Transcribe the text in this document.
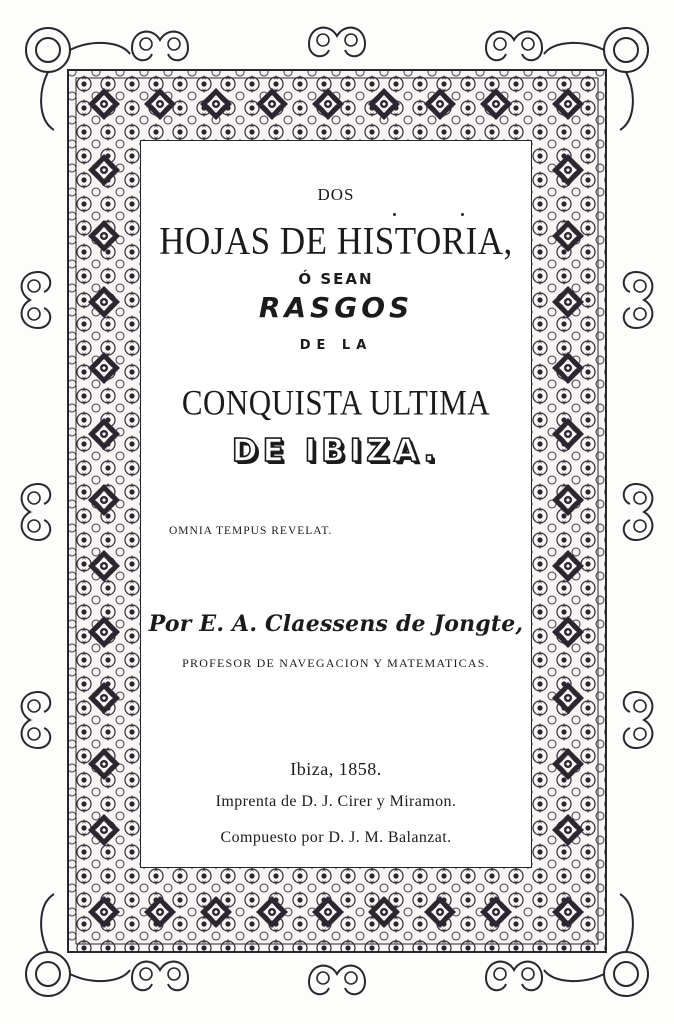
DOS
HOJAS DE HISTORIA,
Ó SEAN
RASGOS
DE LA
CONQUISTA ULTIMA
DE IBIZA.
OMNIA TEMPUS REVELAT.
Por E. A. Claessens de Jongte,
PROFESOR DE NAVEGACION Y MATEMATICAS.
Ibiza, 1858.
Imprenta de D. J. Cirer y Miramon.
Compuesto por D. J. M. Balanzat.
